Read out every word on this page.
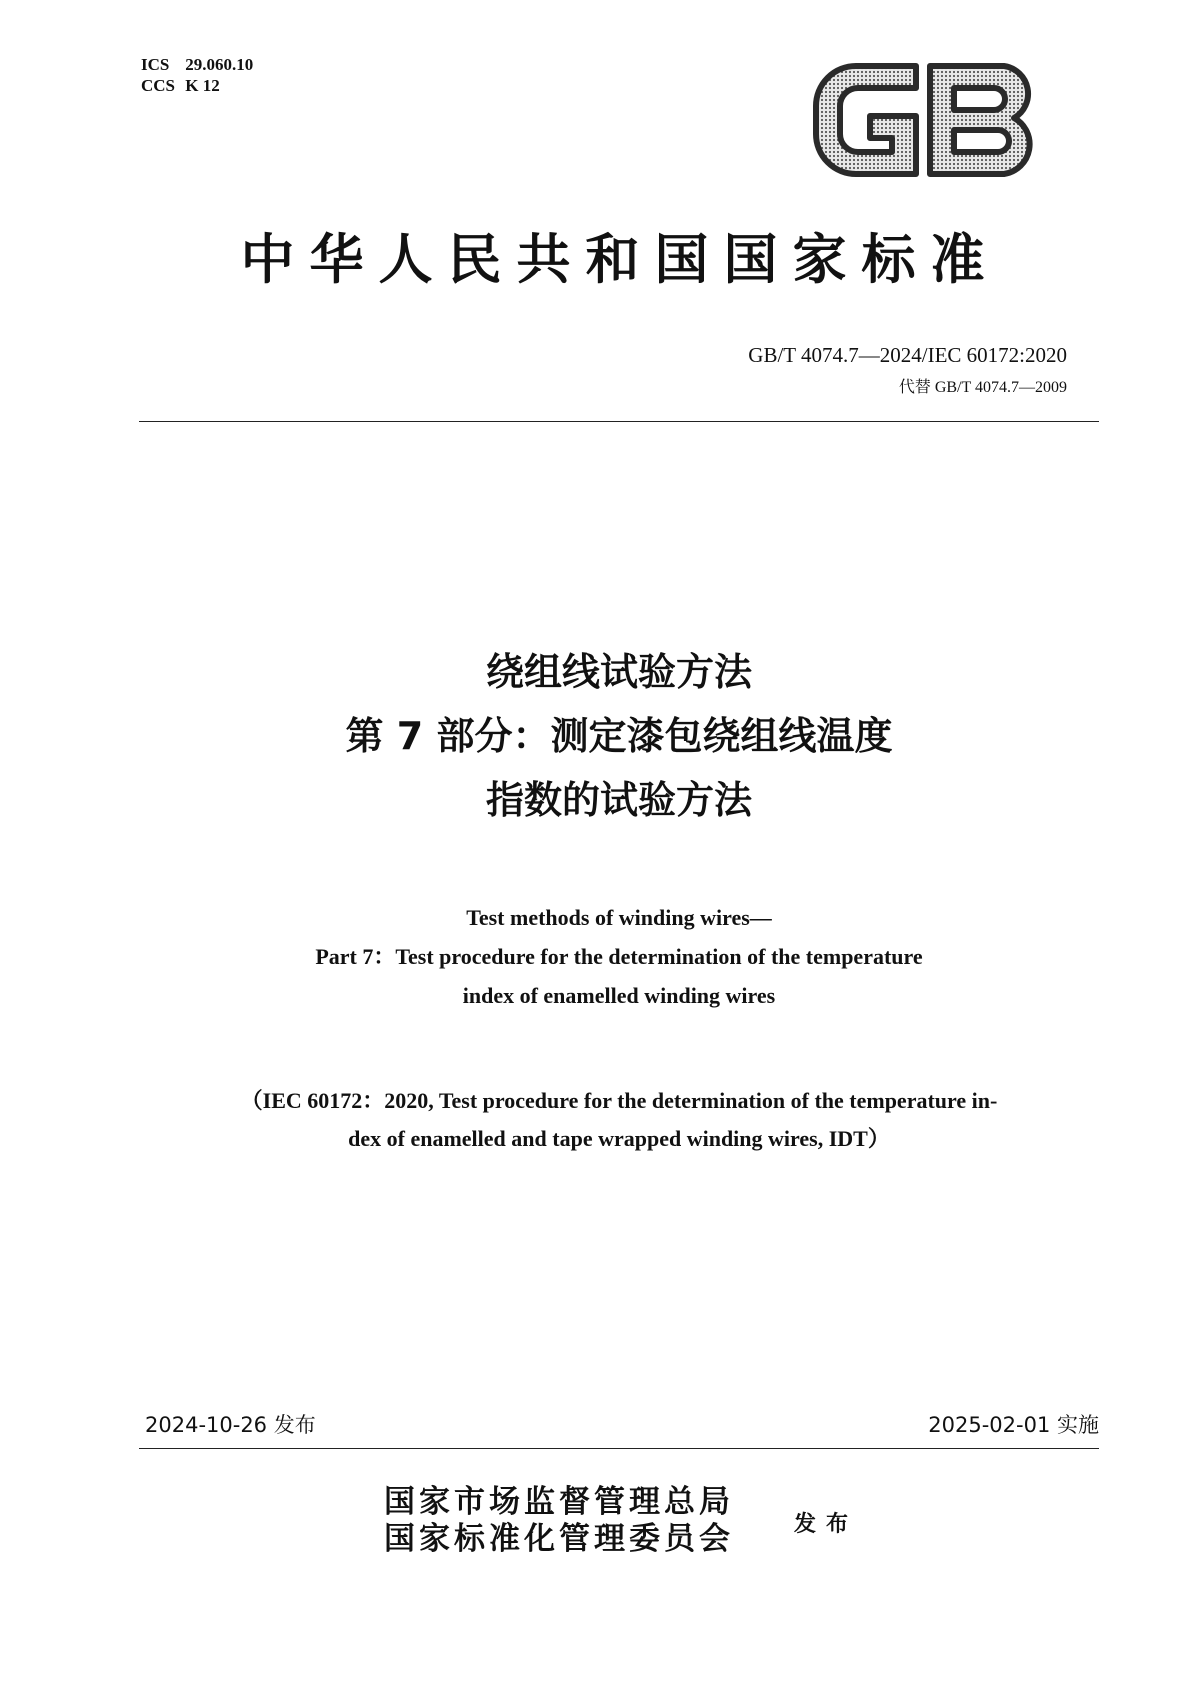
ICS 29.060.10
CCS K 12
中华人民共和国国家标准
GB/T 4074.7—2024/IEC 60172:2020
代替 GB/T 4074.7—2009
绕组线试验方法
第 7 部分：测定漆包绕组线温度
指数的试验方法
Test methods of winding wires—
Part 7：Test procedure for the determination of the temperature
index of enamelled winding wires
（IEC 60172：2020, Test procedure for the determination of the temperature in-
dex of enamelled and tape wrapped winding wires, IDT）
2024-10-26 发布	2025-02-01 实施
国家市场监督管理总局
国家标准化管理委员会	发布
